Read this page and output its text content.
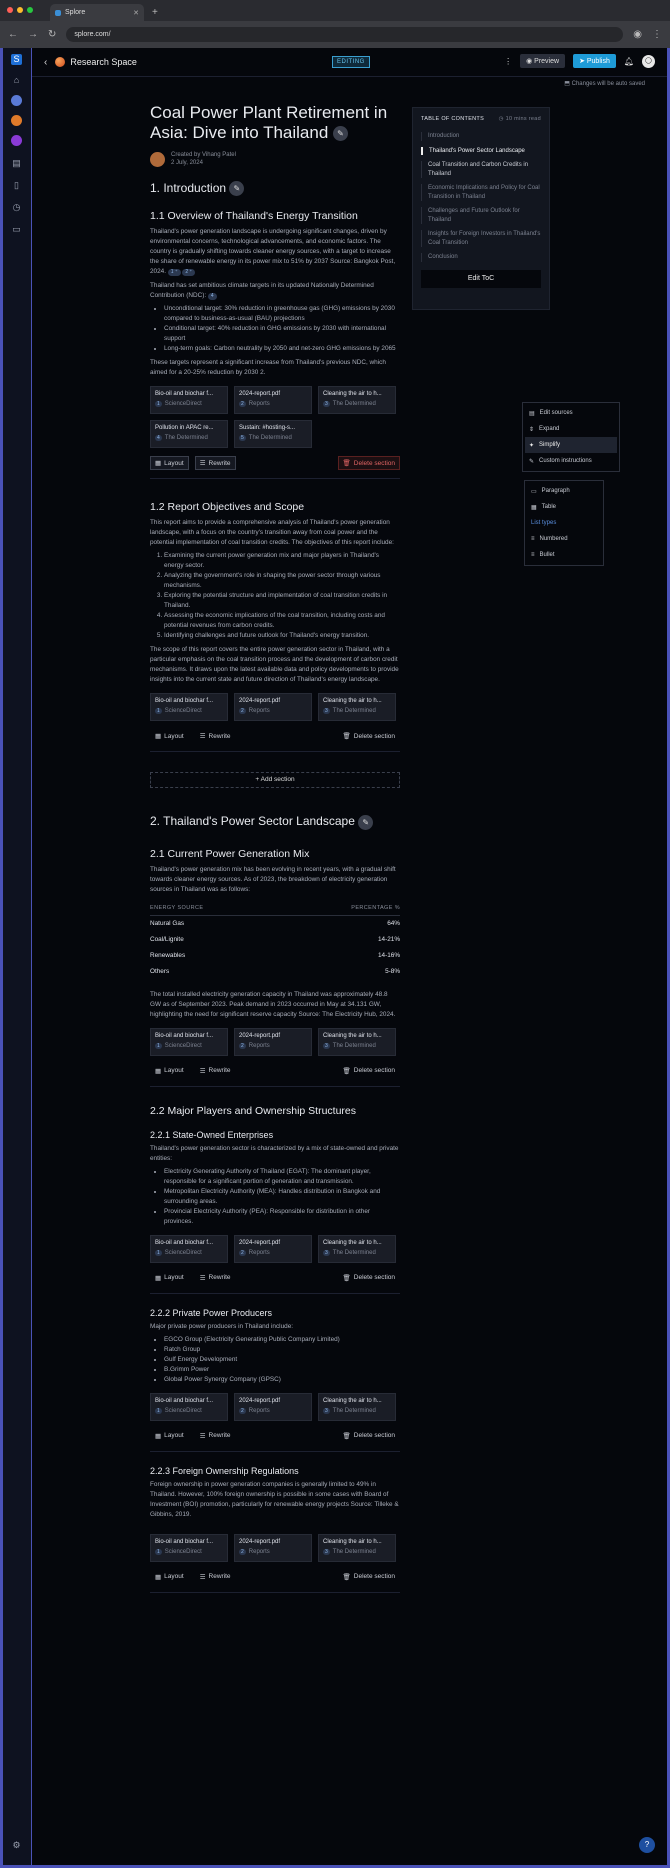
Splore	✕ +
← → ↻	splore.com/	◉ ⋮
S
⌂
▤
▯
◷
▭
⚙
‹	Research Space	EDITING	⋮	◉ Preview	➤ Publish	🔔︎	◯
⬒ Changes will be auto saved
Coal Power Plant Retirement in Asia: Dive into Thailand ✎
Created by Vihang Patel
2 July, 2024
1. Introduction ✎
1.1 Overview of Thailand's Energy Transition

Thailand's power generation landscape is undergoing significant changes, driven by environmental concerns, technological advancements, and economic factors. The country is gradually shifting towards cleaner energy sources, with a target to increase the share of renewable energy in its power mix to 51% by 2037 Source: Bangkok Post, 2024. 1 ⁺ 2 ⁺

Thailand has set ambitious climate targets in its updated Nationally Determined Contribution (NDC): 4

• Unconditional target: 30% reduction in greenhouse gas (GHG) emissions by 2030 compared to business-as-usual (BAU) projections
• Conditional target: 40% reduction in GHG emissions by 2030 with international support
• Long-term goals: Carbon neutrality by 2050 and net-zero GHG emissions by 2065

These targets represent a significant increase from Thailand's previous NDC, which aimed for a 20-25% reduction by 2030 2.

Bio-oil and biochar f...
1 ScienceDirect
2024-report.pdf
2 Reports
Cleaning the air to h...
3 The Determined
Pollution in APAC re...
4 The Determined
Sustain: #hosting-s...
5 The Determined
▦ Layout	☰ Rewrite	🗑︎ Delete section
1.2 Report Objectives and Scope

This report aims to provide a comprehensive analysis of Thailand's power generation landscape, with a focus on the country's transition away from coal power and the potential implementation of coal transition credits. The objectives of this report include:

1. Examining the current power generation mix and major players in Thailand's energy sector.
2. Analyzing the government's role in shaping the power sector through various mechanisms.
3. Exploring the potential structure and implementation of coal transition credits in Thailand.
4. Assessing the economic implications of the coal transition, including costs and potential revenues from carbon credits.
5. Identifying challenges and future outlook for Thailand's energy transition.

The scope of this report covers the entire power generation sector in Thailand, with a particular emphasis on the coal transition process and the development of carbon credit mechanisms. It draws upon the latest available data and policy developments to provide insights into the current state and future direction of Thailand's energy landscape.

Bio-oil and biochar f...
1 ScienceDirect
2024-report.pdf
2 Reports
Cleaning the air to h...
3 The Determined
▦ Layout	☰ Rewrite	🗑︎ Delete section
+ Add section
2. Thailand's Power Sector Landscape ✎
2.1 Current Power Generation Mix

Thailand's power generation mix has been evolving in recent years, with a gradual shift towards cleaner energy sources. As of 2023, the breakdown of electricity generation sources in Thailand was as follows:

ENERGY SOURCE	PERCENTAGE %
Natural Gas	64%
Coal/Lignite	14-21%
Renewables	14-16%
Others	5-8%

The total installed electricity generation capacity in Thailand was approximately 48.8 GW as of September 2023. Peak demand in 2023 occurred in May at 34.131 GW, highlighting the need for significant reserve capacity Source: The Electricity Hub, 2024.

Bio-oil and biochar f...
1 ScienceDirect
2024-report.pdf
2 Reports
Cleaning the air to h...
3 The Determined
▦ Layout	☰ Rewrite	🗑︎ Delete section
2.2 Major Players and Ownership Structures
2.2.1 State-Owned Enterprises

Thailand's power generation sector is characterized by a mix of state-owned and private entities:

• Electricity Generating Authority of Thailand (EGAT): The dominant player, responsible for a significant portion of generation and transmission.
• Metropolitan Electricity Authority (MEA): Handles distribution in Bangkok and surrounding areas.
• Provincial Electricity Authority (PEA): Responsible for distribution in other provinces.
Bio-oil and biochar f...
1 ScienceDirect
2024-report.pdf
2 Reports
Cleaning the air to h...
3 The Determined
▦ Layout	☰ Rewrite	🗑︎ Delete section
2.2.2 Private Power Producers

Major private power producers in Thailand include:

• EGCO Group (Electricity Generating Public Company Limited)
• Ratch Group
• Gulf Energy Development
• B.Grimm Power
• Global Power Synergy Company (GPSC)
Bio-oil and biochar f...
1 ScienceDirect
2024-report.pdf
2 Reports
Cleaning the air to h...
3 The Determined
▦ Layout	☰ Rewrite	🗑︎ Delete section
2.2.3 Foreign Ownership Regulations

Foreign ownership in power generation companies is generally limited to 49% in Thailand. However, 100% foreign ownership is possible in some cases with Board of Investment (BOI) promotion, particularly for renewable energy projects Source: Tilleke & Gibbins, 2019.

Bio-oil and biochar f...
1 ScienceDirect
2024-report.pdf
2 Reports
Cleaning the air to h...
3 The Determined
▦ Layout	☰ Rewrite	🗑︎ Delete section
TABLE OF CONTENTS	◷ 10 mins read
Introduction
Thailand's Power Sector Landscape
Coal Transition and Carbon Credits in Thailand
Economic Implications and Policy for Coal Transition in Thailand
Challenges and Future Outlook for Thailand
Insights for Foreign Investors in Thailand's Coal Transition
Conclusion
Edit ToC
▤ Edit sources
⇕ Expand
✦ Simplify
✎ Custom instructions
▭ Paragraph
▦ Table
List types
≡ Numbered
≡ Bullet
?
